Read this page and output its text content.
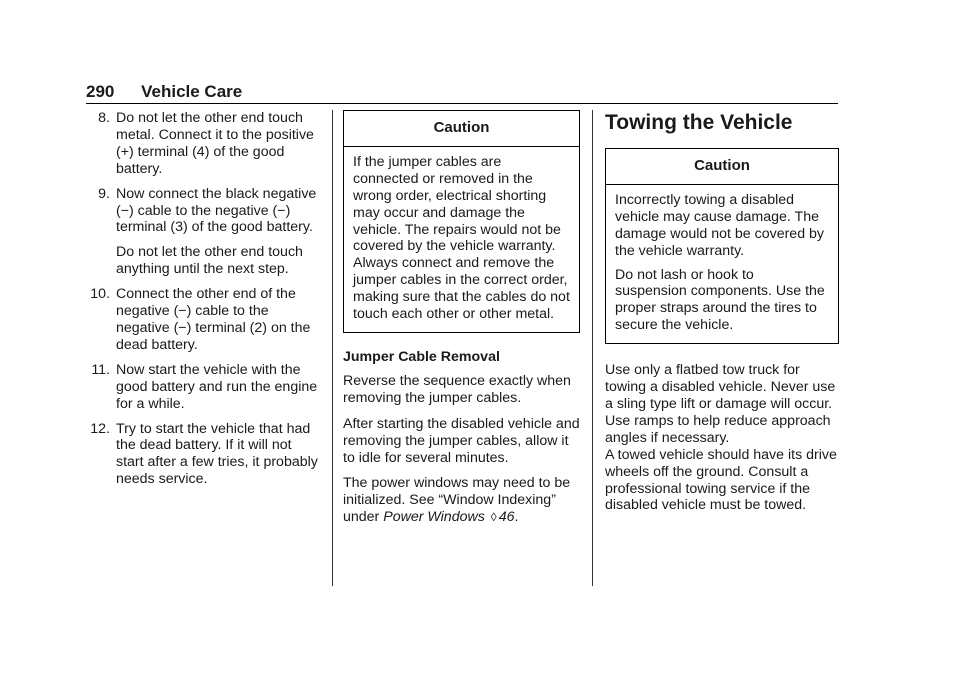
290 Vehicle Care
8. Do not let the other end touch metal. Connect it to the positive (+) terminal (4) of the good battery.

9. Now connect the black negative (−) cable to the negative (−) terminal (3) of the good battery.

Do not let the other end touch anything until the next step.

10. Connect the other end of the negative (−) cable to the negative (−) terminal (2) on the dead battery.

11. Now start the vehicle with the good battery and run the engine for a while.

12. Try to start the vehicle that had the dead battery. If it will not start after a few tries, it probably needs service.

Caution

If the jumper cables are connected or removed in the wrong order, electrical shorting may occur and damage the vehicle. The repairs would not be covered by the vehicle warranty. Always connect and remove the jumper cables in the correct order, making sure that the cables do not touch each other or other metal.

Jumper Cable Removal

Reverse the sequence exactly when removing the jumper cables.

After starting the disabled vehicle and removing the jumper cables, allow it to idle for several minutes.

The power windows may need to be initialized. See “Window Indexing” under Power Windows ◊ 46.

Towing the Vehicle
Caution

Incorrectly towing a disabled vehicle may cause damage. The damage would not be covered by the vehicle warranty.

Do not lash or hook to suspension components. Use the proper straps around the tires to secure the vehicle.

Use only a flatbed tow truck for towing a disabled vehicle. Never use a sling type lift or damage will occur. Use ramps to help reduce approach angles if necessary.

A towed vehicle should have its drive wheels off the ground. Consult a professional towing service if the disabled vehicle must be towed.
